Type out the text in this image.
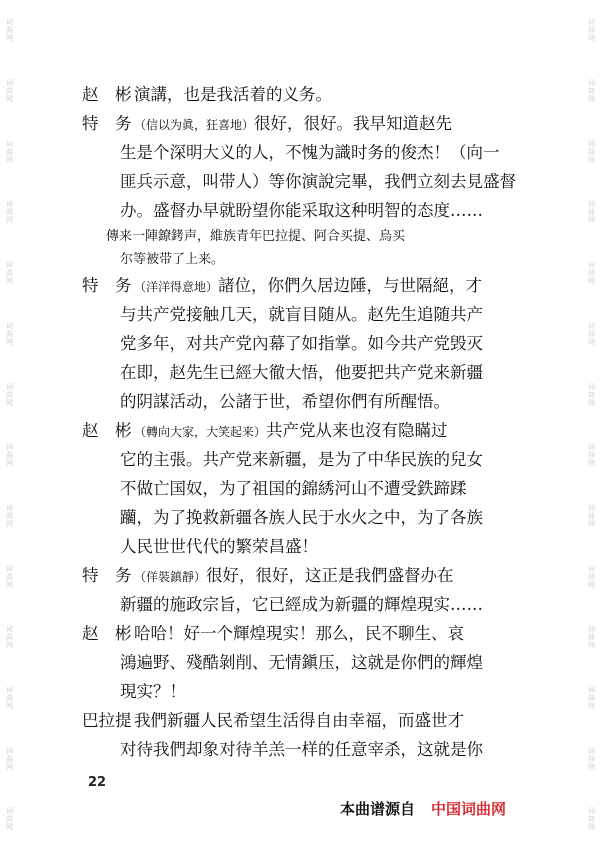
词曲网
词曲网
词曲网
词曲网
词曲网
词曲网
词曲网
词曲网
词曲网
词曲网
词曲网
词曲网
词曲网
词曲网
词曲网
词曲网
词曲网
词曲网
词曲网
词曲网
词曲网
词曲网
词曲网
词曲网
词曲网
词曲网
词曲网
词曲网
赵　彬 演講，也是我活着的义务。
特　务 （信以为眞，狂喜地）很好，很好。我早知道赵先
生是个深明大义的人，不愧为識时务的俊杰！（向一
匪兵示意，叫带人）等你演說完畢，我們立刻去見盛督
办。盛督办早就盼望你能采取这种明智的态度……
傳来一陣鐐銬声，維族青年巴拉提、阿合买提、烏买
尔等被带了上来。
特　务 （洋洋得意地）諸位，你們久居边陲，与世隔絕，才
与共产党接触几天，就盲目随从。赵先生追随共产
党多年，对共产党內幕了如指掌。如今共产党毁灭
在即，赵先生已經大徹大悟，他要把共产党来新疆
的阴謀活动，公諸于世，希望你們有所醒悟。
赵　彬 （轉向大家，大笑起来）共产党从来也沒有隐瞞过
它的主張。共产党来新疆，是为了中华民族的兒女
不做亡国奴，为了祖国的錦綉河山不遭受鉄蹄蹂
躪，为了挽救新疆各族人民于水火之中，为了各族
人民世世代代的繁荣昌盛！
特　务 （佯裝鎮靜）很好，很好，这正是我們盛督办在
新疆的施政宗旨，它已經成为新疆的輝煌現实……
赵　彬 哈哈！好一个輝煌現实！那么，民不聊生、哀
鴻遍野、殘酷剝削、无情鎭压，这就是你們的輝煌
現实？！
巴拉提 我們新疆人民希望生活得自由幸福，而盛世才
对待我們却象对待羊羔一样的任意宰杀，这就是你
22
本曲谱源自 中国词曲网
